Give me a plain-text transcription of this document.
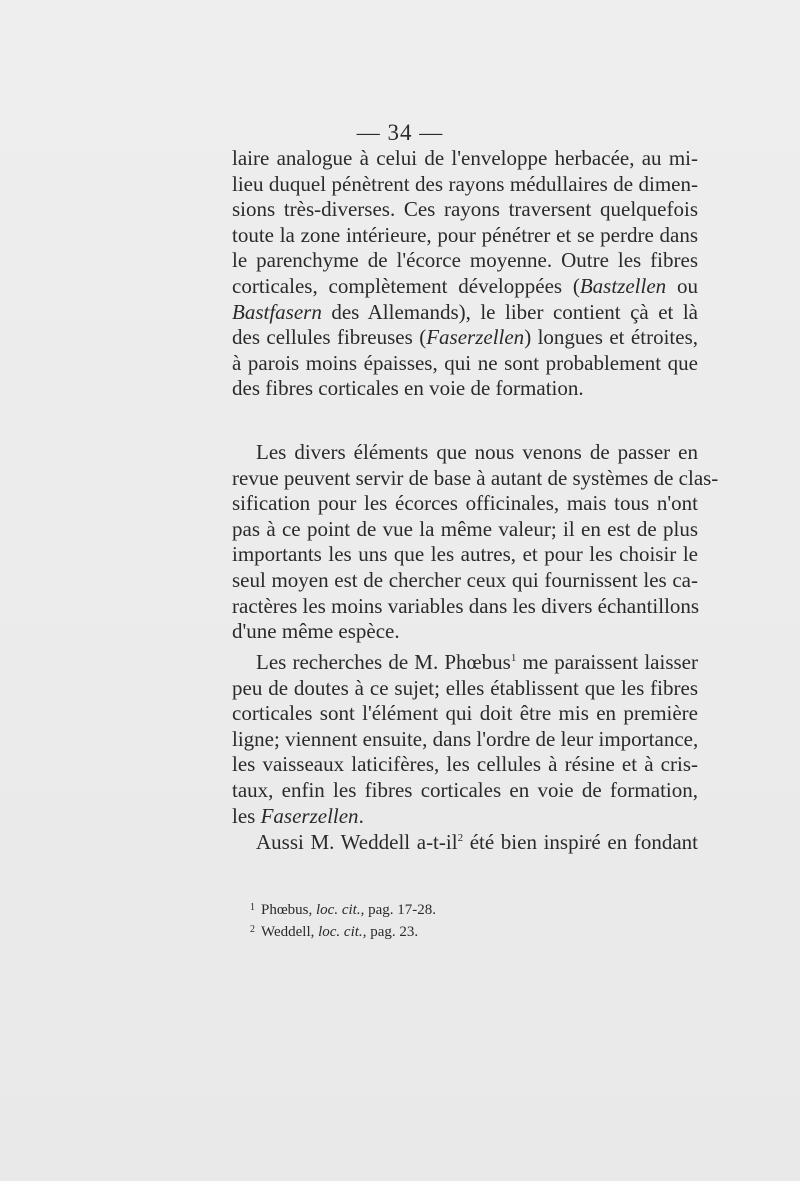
— 34 —
laire analogue à celui de l'enveloppe herbacée, au mi-
lieu duquel pénètrent des rayons médullaires de dimen-
sions très-diverses. Ces rayons traversent quelquefois
toute la zone intérieure, pour pénétrer et se perdre dans
le parenchyme de l'écorce moyenne. Outre les fibres
corticales, complètement développées (Bastzellen ou
Bastfasern des Allemands), le liber contient çà et là
des cellules fibreuses (Faserzellen) longues et étroites,
à parois moins épaisses, qui ne sont probablement que
des fibres corticales en voie de formation.
Les divers éléments que nous venons de passer en
revue peuvent servir de base à autant de systèmes de clas-
sification pour les écorces officinales, mais tous n'ont
pas à ce point de vue la même valeur; il en est de plus
importants les uns que les autres, et pour les choisir le
seul moyen est de chercher ceux qui fournissent les ca-
ractères les moins variables dans les divers échantillons
d'une même espèce.
Les recherches de M. Phœbus$^1$ me paraissent laisser
peu de doutes à ce sujet; elles établissent que les fibres
corticales sont l'élément qui doit être mis en première
ligne; viennent ensuite, dans l'ordre de leur importance,
les vaisseaux laticifères, les cellules à résine et à cris-
taux, enfin les fibres corticales en voie de formation,
les Faserzellen.
Aussi M. Weddell $a-t-il^2$ été bien inspiré en fondant
$^1$ Phœbus, loc. cit., pag. 17-28.
$^2$ Weddell, loc. cit., pag. 23.
